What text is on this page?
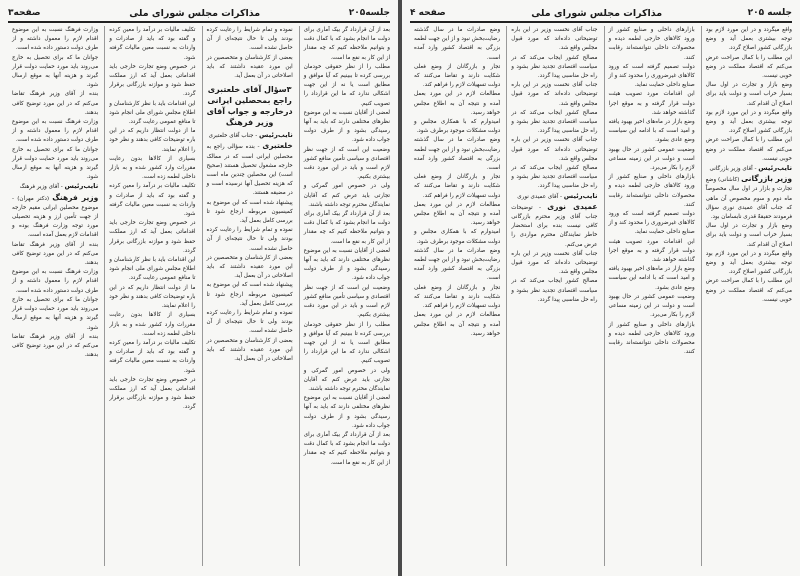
جلسه۲۰۵
مذاکرات مجلس شورای ملی
صفحه۳

بعد از آن قرارداد گر بیک آماری برای دولت ما انجام بشود که با کمال دقت و بتوانیم ملاحظه کنیم که چه مقدار از این کار به نفع ما است.

مطلب را از نظر حقوقی خودمان بررسی کرده تا ببینیم که آیا موافق و مطابق است یا نه از این جهت اشکالی ندارد که ما این قرارداد را تصویب کنیم.

لعضی از آقایان نسبت به این موضوع نظرهای مختلفی دارند که باید به آنها رسیدگی بشود و از طرف دولت جواب داده شود.

وضعیت این است که از جهت نظر اقتصادی و سیاسی تأمین منافع کشور لازم است و باید در این مورد دقت بیشتری بکنیم.

ولی در خصوص امور گمرکی و تجارتی باید عرض کنم که آقایان نمایندگان محترم توجه داشته باشند.

بعد از آن قرارداد گر بیک آماری برای دولت ما انجام بشود که با کمال دقت و بتوانیم ملاحظه کنیم که چه مقدار از این کار به نفع ما است.

لعضی از آقایان نسبت به این موضوع نظرهای مختلفی دارند که باید به آنها رسیدگی بشود و از طرف دولت جواب داده شود.

وضعیت این است که از جهت نظر اقتصادی و سیاسی تأمین منافع کشور لازم است و باید در این مورد دقت بیشتری بکنیم.

مطلب را از نظر حقوقی خودمان بررسی کرده تا ببینیم که آیا موافق و مطابق است یا نه از این جهت اشکالی ندارد که ما این قرارداد را تصویب کنیم.

ولی در خصوص امور گمرکی و تجارتی باید عرض کنم که آقایان نمایندگان محترم توجه داشته باشند.

لعضی از آقایان نسبت به این موضوع نظرهای مختلفی دارند که باید به آنها رسیدگی بشود و از طرف دولت جواب داده شود.

بعد از آن قرارداد گر بیک آماری برای دولت ما انجام بشود که با کمال دقت و بتوانیم ملاحظه کنیم که چه مقدار از این کار به نفع ما است.

نموده و تمام شرایط را رعایت کرده بودند ولی تا حال نتیجه‌ای از آن حاصل نشده است.

بعضی از کارشناسان و متخصصین در این مورد عقیده داشتند که باید اصلاحاتی در آن بعمل آید.

۳سؤال آقای خلعتبری راجع بمحصلین ایرانی درخارجه و جواب آقای وزیر فرهنگ

نایب‌رئیس - جناب آقای خلعتبری

خلعتبری - بنده سؤالی راجع به محصلین ایرانی است که در ممالک خارجه مشغول تحصیل هستند (صحیح است) این محصلین چندین ماه است که هزینه تحصیل آنها نرسیده است و در مضیقه هستند.

پیشنهاد شده است که این موضوع به کمیسیون مربوطه ارجاع شود تا بررسی کامل بعمل آید.

نموده و تمام شرایط را رعایت کرده بودند ولی تا حال نتیجه‌ای از آن حاصل نشده است.

بعضی از کارشناسان و متخصصین در این مورد عقیده داشتند که باید اصلاحاتی در آن بعمل آید.

پیشنهاد شده است که این موضوع به کمیسیون مربوطه ارجاع شود تا بررسی کامل بعمل آید.

نموده و تمام شرایط را رعایت کرده بودند ولی تا حال نتیجه‌ای از آن حاصل نشده است.

بعضی از کارشناسان و متخصصین در این مورد عقیده داشتند که باید اصلاحاتی در آن بعمل آید.

تکلیف مالیات بر درآمد را معین کرده و گفته بود که باید از صادرات و واردات به نسبت معین مالیات گرفته شود.

در خصوص وضع تجارت خارجی باید اقداماتی بعمل آید که ارز مملکت حفظ شود و موازنه بازرگانی برقرار گردد.

این اقدامات باید با نظر کارشناسان و اطلاع مجلس شورای ملی انجام شود تا منافع عمومی رعایت گردد.

ما از دولت انتظار داریم که در این باره توضیحات کافی بدهند و نظر خود را اعلام نمایند.

بسیاری از کالاها بدون رعایت مقررات وارد کشور شده و به بازار داخلی لطمه زده است.

تکلیف مالیات بر درآمد را معین کرده و گفته بود که باید از صادرات و واردات به نسبت معین مالیات گرفته شود.

در خصوص وضع تجارت خارجی باید اقداماتی بعمل آید که ارز مملکت حفظ شود و موازنه بازرگانی برقرار گردد.

این اقدامات باید با نظر کارشناسان و اطلاع مجلس شورای ملی انجام شود تا منافع عمومی رعایت گردد.

ما از دولت انتظار داریم که در این باره توضیحات کافی بدهند و نظر خود را اعلام نمایند.

بسیاری از کالاها بدون رعایت مقررات وارد کشور شده و به بازار داخلی لطمه زده است.

تکلیف مالیات بر درآمد را معین کرده و گفته بود که باید از صادرات و واردات به نسبت معین مالیات گرفته شود.

در خصوص وضع تجارت خارجی باید اقداماتی بعمل آید که ارز مملکت حفظ شود و موازنه بازرگانی برقرار گردد.

وزارت فرهنگ نسبت به این موضوع اقدام لازم را معمول داشته و از طرف دولت دستور داده شده است.

جوانان ما که برای تحصیل به خارج می‌روند باید مورد حمایت دولت قرار گیرند و هزینه آنها به موقع ارسال شود.

بنده از آقای وزیر فرهنگ تقاضا می‌کنم که در این مورد توضیح کافی بدهند.

وزارت فرهنگ نسبت به این موضوع اقدام لازم را معمول داشته و از طرف دولت دستور داده شده است.

جوانان ما که برای تحصیل به خارج می‌روند باید مورد حمایت دولت قرار گیرند و هزینه آنها به موقع ارسال شود.

نایب‌رئیس - آقای وزیر فرهنگ

وزیر فرهنگ (دکتر مهران) - موضوع محصلین ایرانی مقیم خارجه از جهت تأمین ارز و هزینه تحصیلی مورد توجه وزارت فرهنگ بوده و اقدامات لازم بعمل آمده است.

بنده از آقای وزیر فرهنگ تقاضا می‌کنم که در این مورد توضیح کافی بدهند.

وزارت فرهنگ نسبت به این موضوع اقدام لازم را معمول داشته و از طرف دولت دستور داده شده است.

جوانان ما که برای تحصیل به خارج می‌روند باید مورد حمایت دولت قرار گیرند و هزینه آنها به موقع ارسال شود.

بنده از آقای وزیر فرهنگ تقاضا می‌کنم که در این مورد توضیح کافی بدهند.

جلسه ۲۰۵
مذاکرات مجلس شورای ملی
صفحه ۴

واقع میگردد و در این مورد لازم بود توجه بیشتری بعمل آید و وضع بازرگانی کشور اصلاح گردد.

این مطلب را با کمال صراحت عرض می‌کنم که اقتصاد مملکت در وضع خوبی نیست.

وضع بازار و تجارت در اول سال بسیار خراب است و دولت باید برای اصلاح آن اقدام کند.

واقع میگردد و در این مورد لازم بود توجه بیشتری بعمل آید و وضع بازرگانی کشور اصلاح گردد.

این مطلب را با کمال صراحت عرض می‌کنم که اقتصاد مملکت در وضع خوبی نیست.

نایب‌رئیس - آقای وزیر بازرگانی

وزیر بازرگانی (کاشانی) وضع تجارت و بازار در اول سال مخصوصاً ماه دوم و سوم مخصوص آن ماهی که جناب آقای عمیدی نوری سؤال فرمودند حقیقةً قدری نابسامان بود.

وضع بازار و تجارت در اول سال بسیار خراب است و دولت باید برای اصلاح آن اقدام کند.

واقع میگردد و در این مورد لازم بود توجه بیشتری بعمل آید و وضع بازرگانی کشور اصلاح گردد.

این مطلب را با کمال صراحت عرض می‌کنم که اقتصاد مملکت در وضع خوبی نیست.

بازارهای داخلی و صنایع کشور از ورود کالاهای خارجی لطمه دیده و محصولات داخلی نتوانسته‌اند رقابت کنند.

دولت تصمیم گرفته است که ورود کالاهای غیرضروری را محدود کند و از صنایع داخلی حمایت نماید.

این اقدامات مورد تصویب هیئت دولت قرار گرفته و به موقع اجرا گذاشته خواهد شد.

وضع بازار در ماه‌های اخیر بهبود یافته و امید است که با ادامه این سیاست وضع عادی بشود.

وضعیت عمومی کشور در حال بهبود است و دولت در این زمینه مساعی لازم را بکار می‌برد.

بازارهای داخلی و صنایع کشور از ورود کالاهای خارجی لطمه دیده و محصولات داخلی نتوانسته‌اند رقابت کنند.

دولت تصمیم گرفته است که ورود کالاهای غیرضروری را محدود کند و از صنایع داخلی حمایت نماید.

این اقدامات مورد تصویب هیئت دولت قرار گرفته و به موقع اجرا گذاشته خواهد شد.

وضع بازار در ماه‌های اخیر بهبود یافته و امید است که با ادامه این سیاست وضع عادی بشود.

وضعیت عمومی کشور در حال بهبود است و دولت در این زمینه مساعی لازم را بکار می‌برد.

بازارهای داخلی و صنایع کشور از ورود کالاهای خارجی لطمه دیده و محصولات داخلی نتوانسته‌اند رقابت کنند.

جناب آقای نخست وزیر در این باره توضیحاتی داده‌اند که مورد قبول مجلس واقع شد.

مصالح کشور ایجاب می‌کند که در سیاست اقتصادی تجدید نظر بشود و راه حل مناسبی پیدا گردد.

جناب آقای نخست وزیر در این باره توضیحاتی داده‌اند که مورد قبول مجلس واقع شد.

مصالح کشور ایجاب می‌کند که در سیاست اقتصادی تجدید نظر بشود و راه حل مناسبی پیدا گردد.

جناب آقای نخست وزیر در این باره توضیحاتی داده‌اند که مورد قبول مجلس واقع شد.

مصالح کشور ایجاب می‌کند که در سیاست اقتصادی تجدید نظر بشود و راه حل مناسبی پیدا گردد.

نایب‌رئیس - آقای عمیدی نوری

عمیدی نوری - توضیحات جناب آقای وزیر محترم بازرگانی کافی نیست بنده برای استحضار خاطر نمایندگان محترم مواردی را عرض می‌کنم.

جناب آقای نخست وزیر در این باره توضیحاتی داده‌اند که مورد قبول مجلس واقع شد.

مصالح کشور ایجاب می‌کند که در سیاست اقتصادی تجدید نظر بشود و راه حل مناسبی پیدا گردد.

وضع صادرات ما در سال گذشته رضایت‌بخش نبود و از این جهت لطمه بزرگی به اقتصاد کشور وارد آمده است.

تجار و بازرگانان از وضع فعلی شکایت دارند و تقاضا می‌کنند که دولت تسهیلات لازم را فراهم کند.

مطالعات لازم در این مورد بعمل آمده و نتیجه آن به اطلاع مجلس خواهد رسید.

امیدوارم که با همکاری مجلس و دولت مشکلات موجود برطرف شود.

وضع صادرات ما در سال گذشته رضایت‌بخش نبود و از این جهت لطمه بزرگی به اقتصاد کشور وارد آمده است.

تجار و بازرگانان از وضع فعلی شکایت دارند و تقاضا می‌کنند که دولت تسهیلات لازم را فراهم کند.

مطالعات لازم در این مورد بعمل آمده و نتیجه آن به اطلاع مجلس خواهد رسید.

امیدوارم که با همکاری مجلس و دولت مشکلات موجود برطرف شود.

وضع صادرات ما در سال گذشته رضایت‌بخش نبود و از این جهت لطمه بزرگی به اقتصاد کشور وارد آمده است.

تجار و بازرگانان از وضع فعلی شکایت دارند و تقاضا می‌کنند که دولت تسهیلات لازم را فراهم کند.

مطالعات لازم در این مورد بعمل آمده و نتیجه آن به اطلاع مجلس خواهد رسید.
